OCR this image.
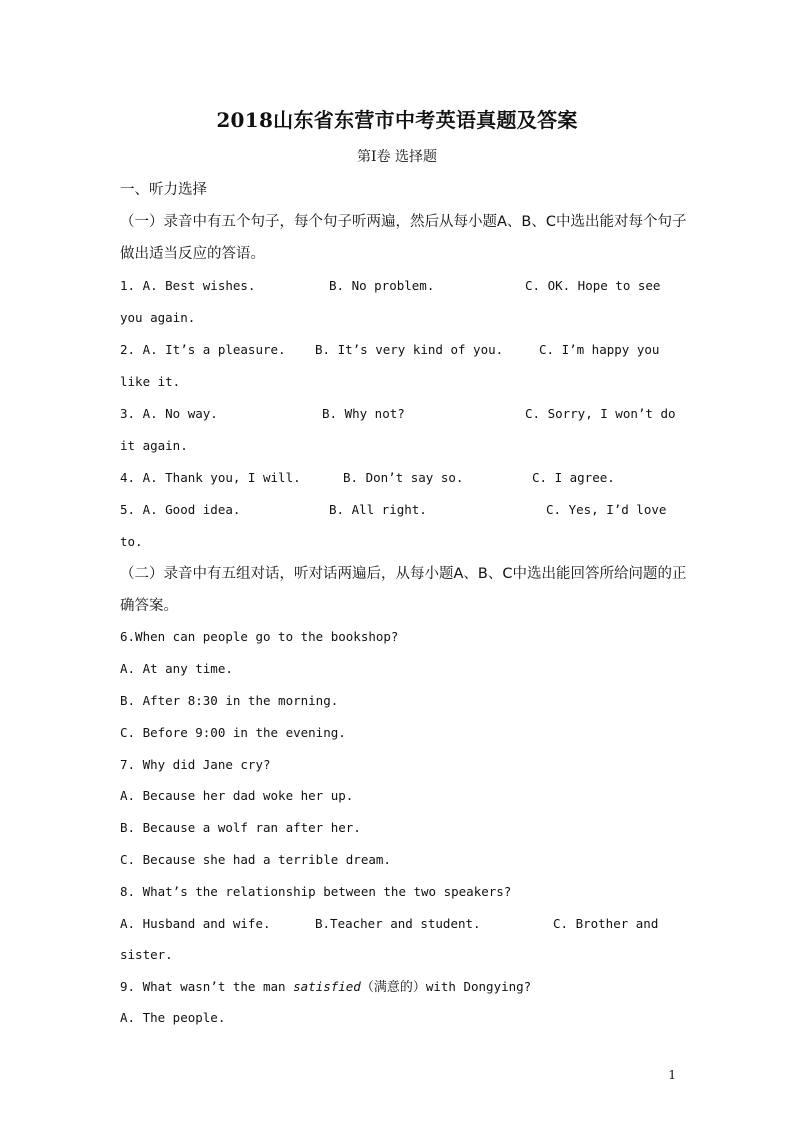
2018山东省东营市中考英语真题及答案
第Ⅰ卷 选择题
一、听力选择
（一）录音中有五个句子，每个句子听两遍，然后从每小题A、B、C中选出能对每个句子
做出适当反应的答语。
1. A. Best wishes.	B. No problem.	C. OK. Hope to see
you again.
2. A. It’s a pleasure. B. It’s very kind of you.	C. I’m happy you
like it.
3. A. No way.	B. Why not?	C. Sorry, I won’t do
it again.
4. A. Thank you, I will.	B. Don’t say so.	C. I agree.
5. A. Good idea.	B. All right.	C. Yes, I’d love
to.
（二）录音中有五组对话，听对话两遍后，从每小题A、B、C中选出能回答所给问题的正
确答案。
6.When can people go to the bookshop?
A. At any time.
B. After 8:30 in the morning.
C. Before 9:00 in the evening.
7. Why did Jane cry?
A. Because her dad woke her up.
B. Because a wolf ran after her.
C. Because she had a terrible dream.
8. What’s the relationship between the two speakers?
A. Husband and wife.	B.Teacher and student.	C. Brother and
sister.
9. What wasn’t the man satisfied（满意的）with Dongying?
A. The people.
1
